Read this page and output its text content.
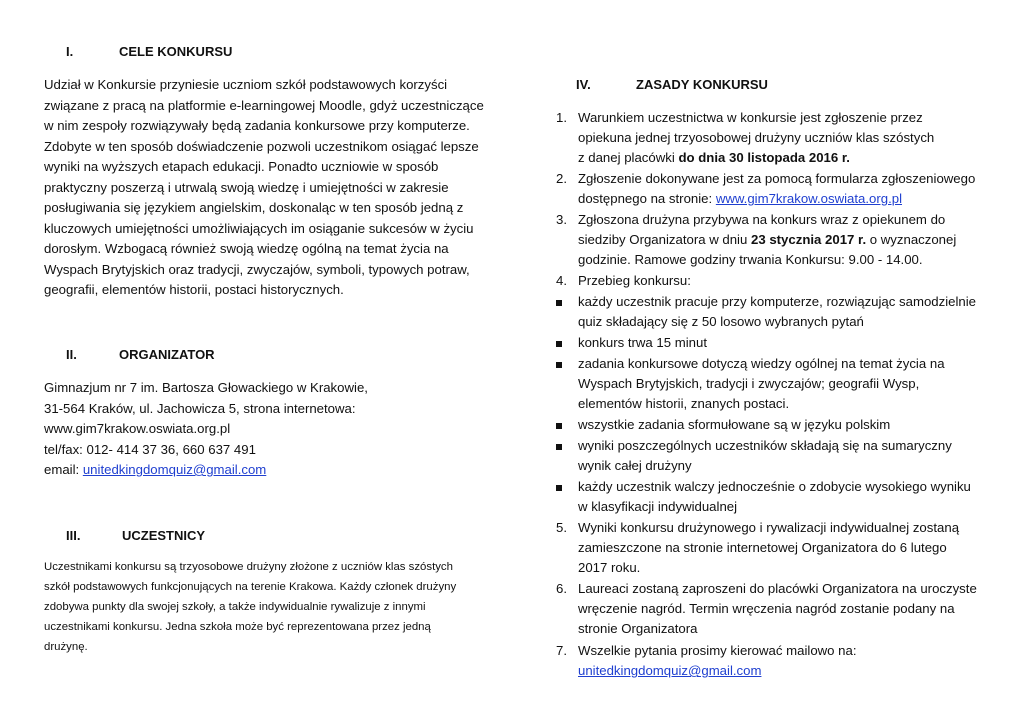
I.	CELE KONKURSU
Udział w Konkursie przyniesie uczniom szkół podstawowych korzyści
związane z pracą na platformie e-learningowej Moodle, gdyż uczestniczące
w nim zespoły rozwiązywały będą zadania konkursowe przy komputerze.
Zdobyte w ten sposób doświadczenie pozwoli uczestnikom osiągać lepsze
wyniki na wyższych etapach edukacji. Ponadto uczniowie w sposób
praktyczny poszerzą i utrwalą swoją wiedzę i umiejętności w zakresie
posługiwania się językiem angielskim, doskonaląc w ten sposób jedną z
kluczowych umiejętności umożliwiających im osiąganie sukcesów w życiu
dorosłym. Wzbogacą również swoją wiedzę ogólną na temat życia na
Wyspach Brytyjskich oraz tradycji, zwyczajów, symboli, typowych potraw,
geografii, elementów historii, postaci historycznych.
II.	ORGANIZATOR
Gimnazjum nr 7 im. Bartosza Głowackiego w Krakowie,
31-564 Kraków, ul. Jachowicza 5, strona internetowa:
www.gim7krakow.oswiata.org.pl
tel/fax: 012- 414 37 36, 660 637 491
email: unitedkingdomquiz@gmail.com
III.	UCZESTNICY
Uczestnikami konkursu są trzyosobowe drużyny złożone z uczniów klas szóstych
szkół podstawowych funkcjonujących na terenie Krakowa. Każdy członek drużyny
zdobywa punkty dla swojej szkoły, a także indywidualnie rywalizuje z innymi
uczestnikami konkursu. Jedna szkoła może być reprezentowana przez jedną
drużynę.
IV.	ZASADY KONKURSU
1. Warunkiem uczestnictwa w konkursie jest zgłoszenie przez
opiekuna jednej trzyosobowej drużyny uczniów klas szóstych
z danej placówki do dnia 30 listopada 2016 r.
2. Zgłoszenie dokonywane jest za pomocą formularza zgłoszeniowego
dostępnego na stronie: www.gim7krakow.oswiata.org.pl
3. Zgłoszona drużyna przybywa na konkurs wraz z opiekunem do
siedziby Organizatora w dniu 23 stycznia 2017 r. o wyznaczonej
godzinie. Ramowe godziny trwania Konkursu: 9.00 - 14.00.
4. Przebieg konkursu:
każdy uczestnik pracuje przy komputerze, rozwiązując samodzielnie
quiz składający się z 50 losowo wybranych pytań
konkurs trwa 15 minut
zadania konkursowe dotyczą wiedzy ogólnej na temat życia na
Wyspach Brytyjskich, tradycji i zwyczajów; geografii Wysp,
elementów historii, znanych postaci.
wszystkie zadania sformułowane są w języku polskim
wyniki poszczególnych uczestników składają się na sumaryczny
wynik całej drużyny
każdy uczestnik walczy jednocześnie o zdobycie wysokiego wyniku
w klasyfikacji indywidualnej
5. Wyniki konkursu drużynowego i rywalizacji indywidualnej zostaną
zamieszczone na stronie internetowej Organizatora do 6 lutego
2017 roku.
6. Laureaci zostaną zaproszeni do placówki Organizatora na uroczyste
wręczenie nagród. Termin wręczenia nagród zostanie podany na
stronie Organizatora
7. Wszelkie pytania prosimy kierować mailowo na:
unitedkingdomquiz@gmail.com
